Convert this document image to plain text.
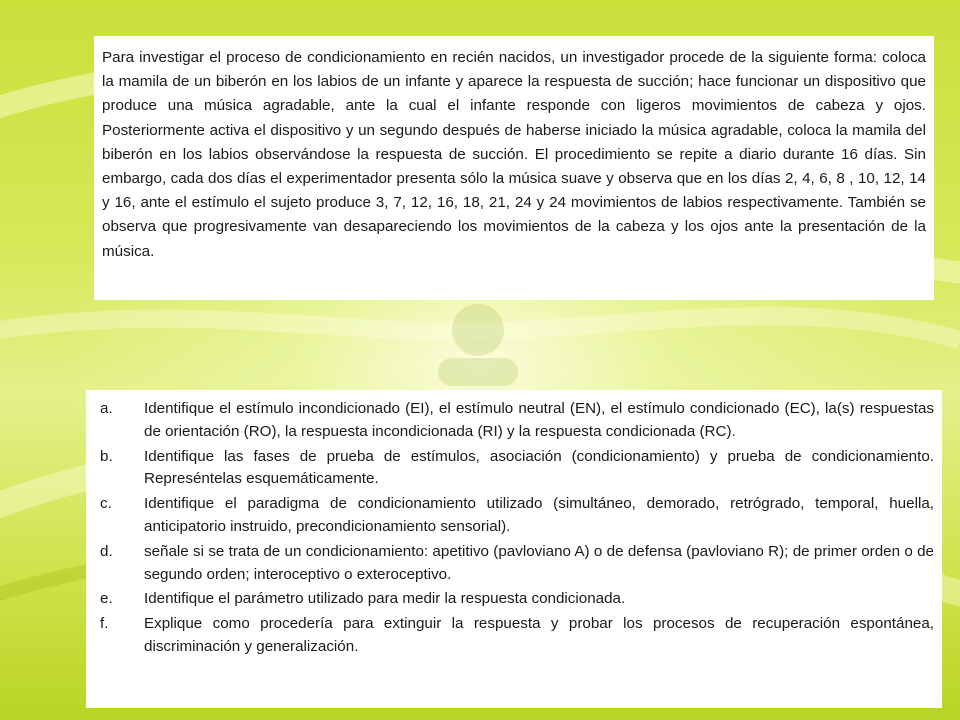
Para investigar el proceso de condicionamiento en recién nacidos, un investigador procede de la siguiente forma: coloca la mamila de un biberón en los labios de un infante y aparece la respuesta de succión; hace funcionar un dispositivo que produce una música agradable, ante la cual el infante responde con ligeros movimientos de cabeza y ojos. Posteriormente activa el dispositivo y un segundo después de haberse iniciado la música agradable, coloca la mamila del biberón en los labios observándose la respuesta de succión. El procedimiento se repite a diario durante 16 días. Sin embargo, cada dos días el experimentador presenta sólo la música suave y observa que en los días 2, 4, 6, 8 , 10, 12, 14 y 16, ante el estímulo el sujeto produce 3, 7, 12, 16, 18, 21, 24 y 24 movimientos de labios respectivamente. También se observa que progresivamente van desapareciendo los movimientos de la cabeza y los ojos ante la presentación de la música.

a.	Identifique el estímulo incondicionado (EI), el estímulo neutral (EN), el estímulo condicionado (EC), la(s) respuestas de orientación (RO), la respuesta incondicionada (RI) y la respuesta condicionada (RC).
b.	Identifique las fases de prueba de estímulos, asociación (condicionamiento) y prueba de condicionamiento. Represéntelas esquemáticamente.
c.	Identifique el paradigma de condicionamiento utilizado (simultáneo, demorado, retrógrado, temporal, huella, anticipatorio instruido, precondicionamiento sensorial).
d.	señale si se trata de un condicionamiento: apetitivo (pavloviano A) o de defensa (pavloviano R); de primer orden o de segundo orden; interoceptivo o exteroceptivo.
e.	Identifique el parámetro utilizado para medir la respuesta condicionada.
f.	Explique como procedería para extinguir la respuesta y probar los procesos de recuperación espontánea, discriminación y generalización.
